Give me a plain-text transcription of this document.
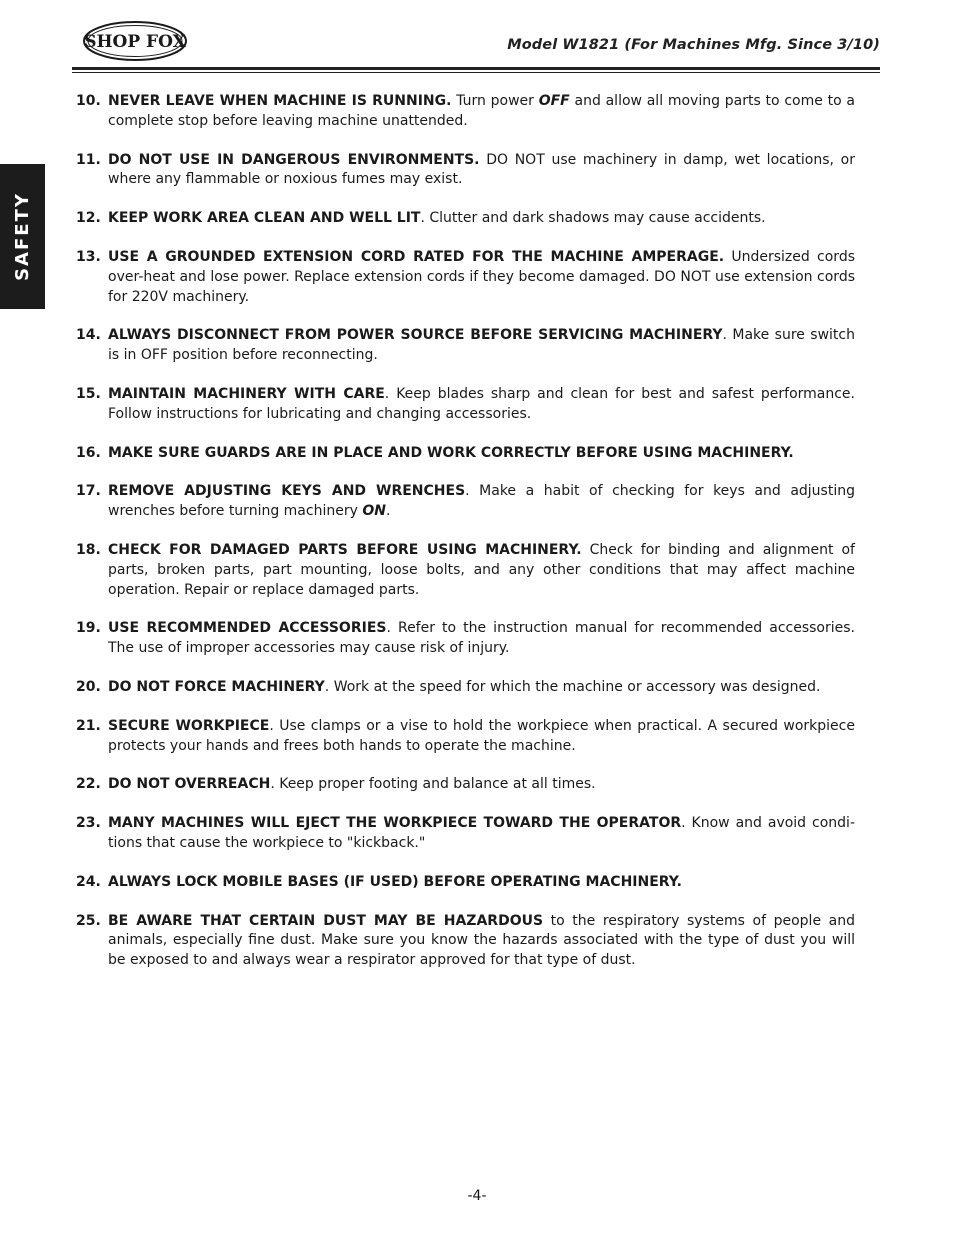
SHOP FOX	Model W1821 (For Machines Mfg. Since 3/10)
SAFETY
10. NEVER LEAVE WHEN MACHINE IS RUNNING. Turn power OFF and allow all moving parts to come to a complete stop before leaving machine unattended.
11. DO NOT USE IN DANGEROUS ENVIRONMENTS. DO NOT use machinery in damp, wet locations, or where any flammable or noxious fumes may exist.
12. KEEP WORK AREA CLEAN AND WELL LIT. Clutter and dark shadows may cause accidents.
13. USE A GROUNDED EXTENSION CORD RATED FOR THE MACHINE AMPERAGE. Undersized cords over-heat and lose power. Replace extension cords if they become damaged. DO NOT use extension cords for 220V machinery.
14. ALWAYS DISCONNECT FROM POWER SOURCE BEFORE SERVICING MACHINERY. Make sure switch is in OFF position before reconnecting.
15. MAINTAIN MACHINERY WITH CARE. Keep blades sharp and clean for best and safest performance. Follow instructions for lubricating and changing accessories.
16. MAKE SURE GUARDS ARE IN PLACE AND WORK CORRECTLY BEFORE USING MACHINERY.
17. REMOVE ADJUSTING KEYS AND WRENCHES. Make a habit of checking for keys and adjusting wrenches before turning machinery ON.
18. CHECK FOR DAMAGED PARTS BEFORE USING MACHINERY. Check for binding and alignment of parts, broken parts, part mounting, loose bolts, and any other conditions that may affect machine operation. Repair or replace damaged parts.
19. USE RECOMMENDED ACCESSORIES. Refer to the instruction manual for recommended accessories. The use of improper accessories may cause risk of injury.
20. DO NOT FORCE MACHINERY. Work at the speed for which the machine or accessory was designed.
21. SECURE WORKPIECE. Use clamps or a vise to hold the workpiece when practical. A secured workpiece protects your hands and frees both hands to operate the machine.
22. DO NOT OVERREACH. Keep proper footing and balance at all times.
23. MANY MACHINES WILL EJECT THE WORKPIECE TOWARD THE OPERATOR. Know and avoid condi-tions that cause the workpiece to "kickback."
24. ALWAYS LOCK MOBILE BASES (IF USED) BEFORE OPERATING MACHINERY.
25. BE AWARE THAT CERTAIN DUST MAY BE HAZARDOUS to the respiratory systems of people and animals, especially fine dust. Make sure you know the hazards associated with the type of dust you will be exposed to and always wear a respirator approved for that type of dust.
-4-
